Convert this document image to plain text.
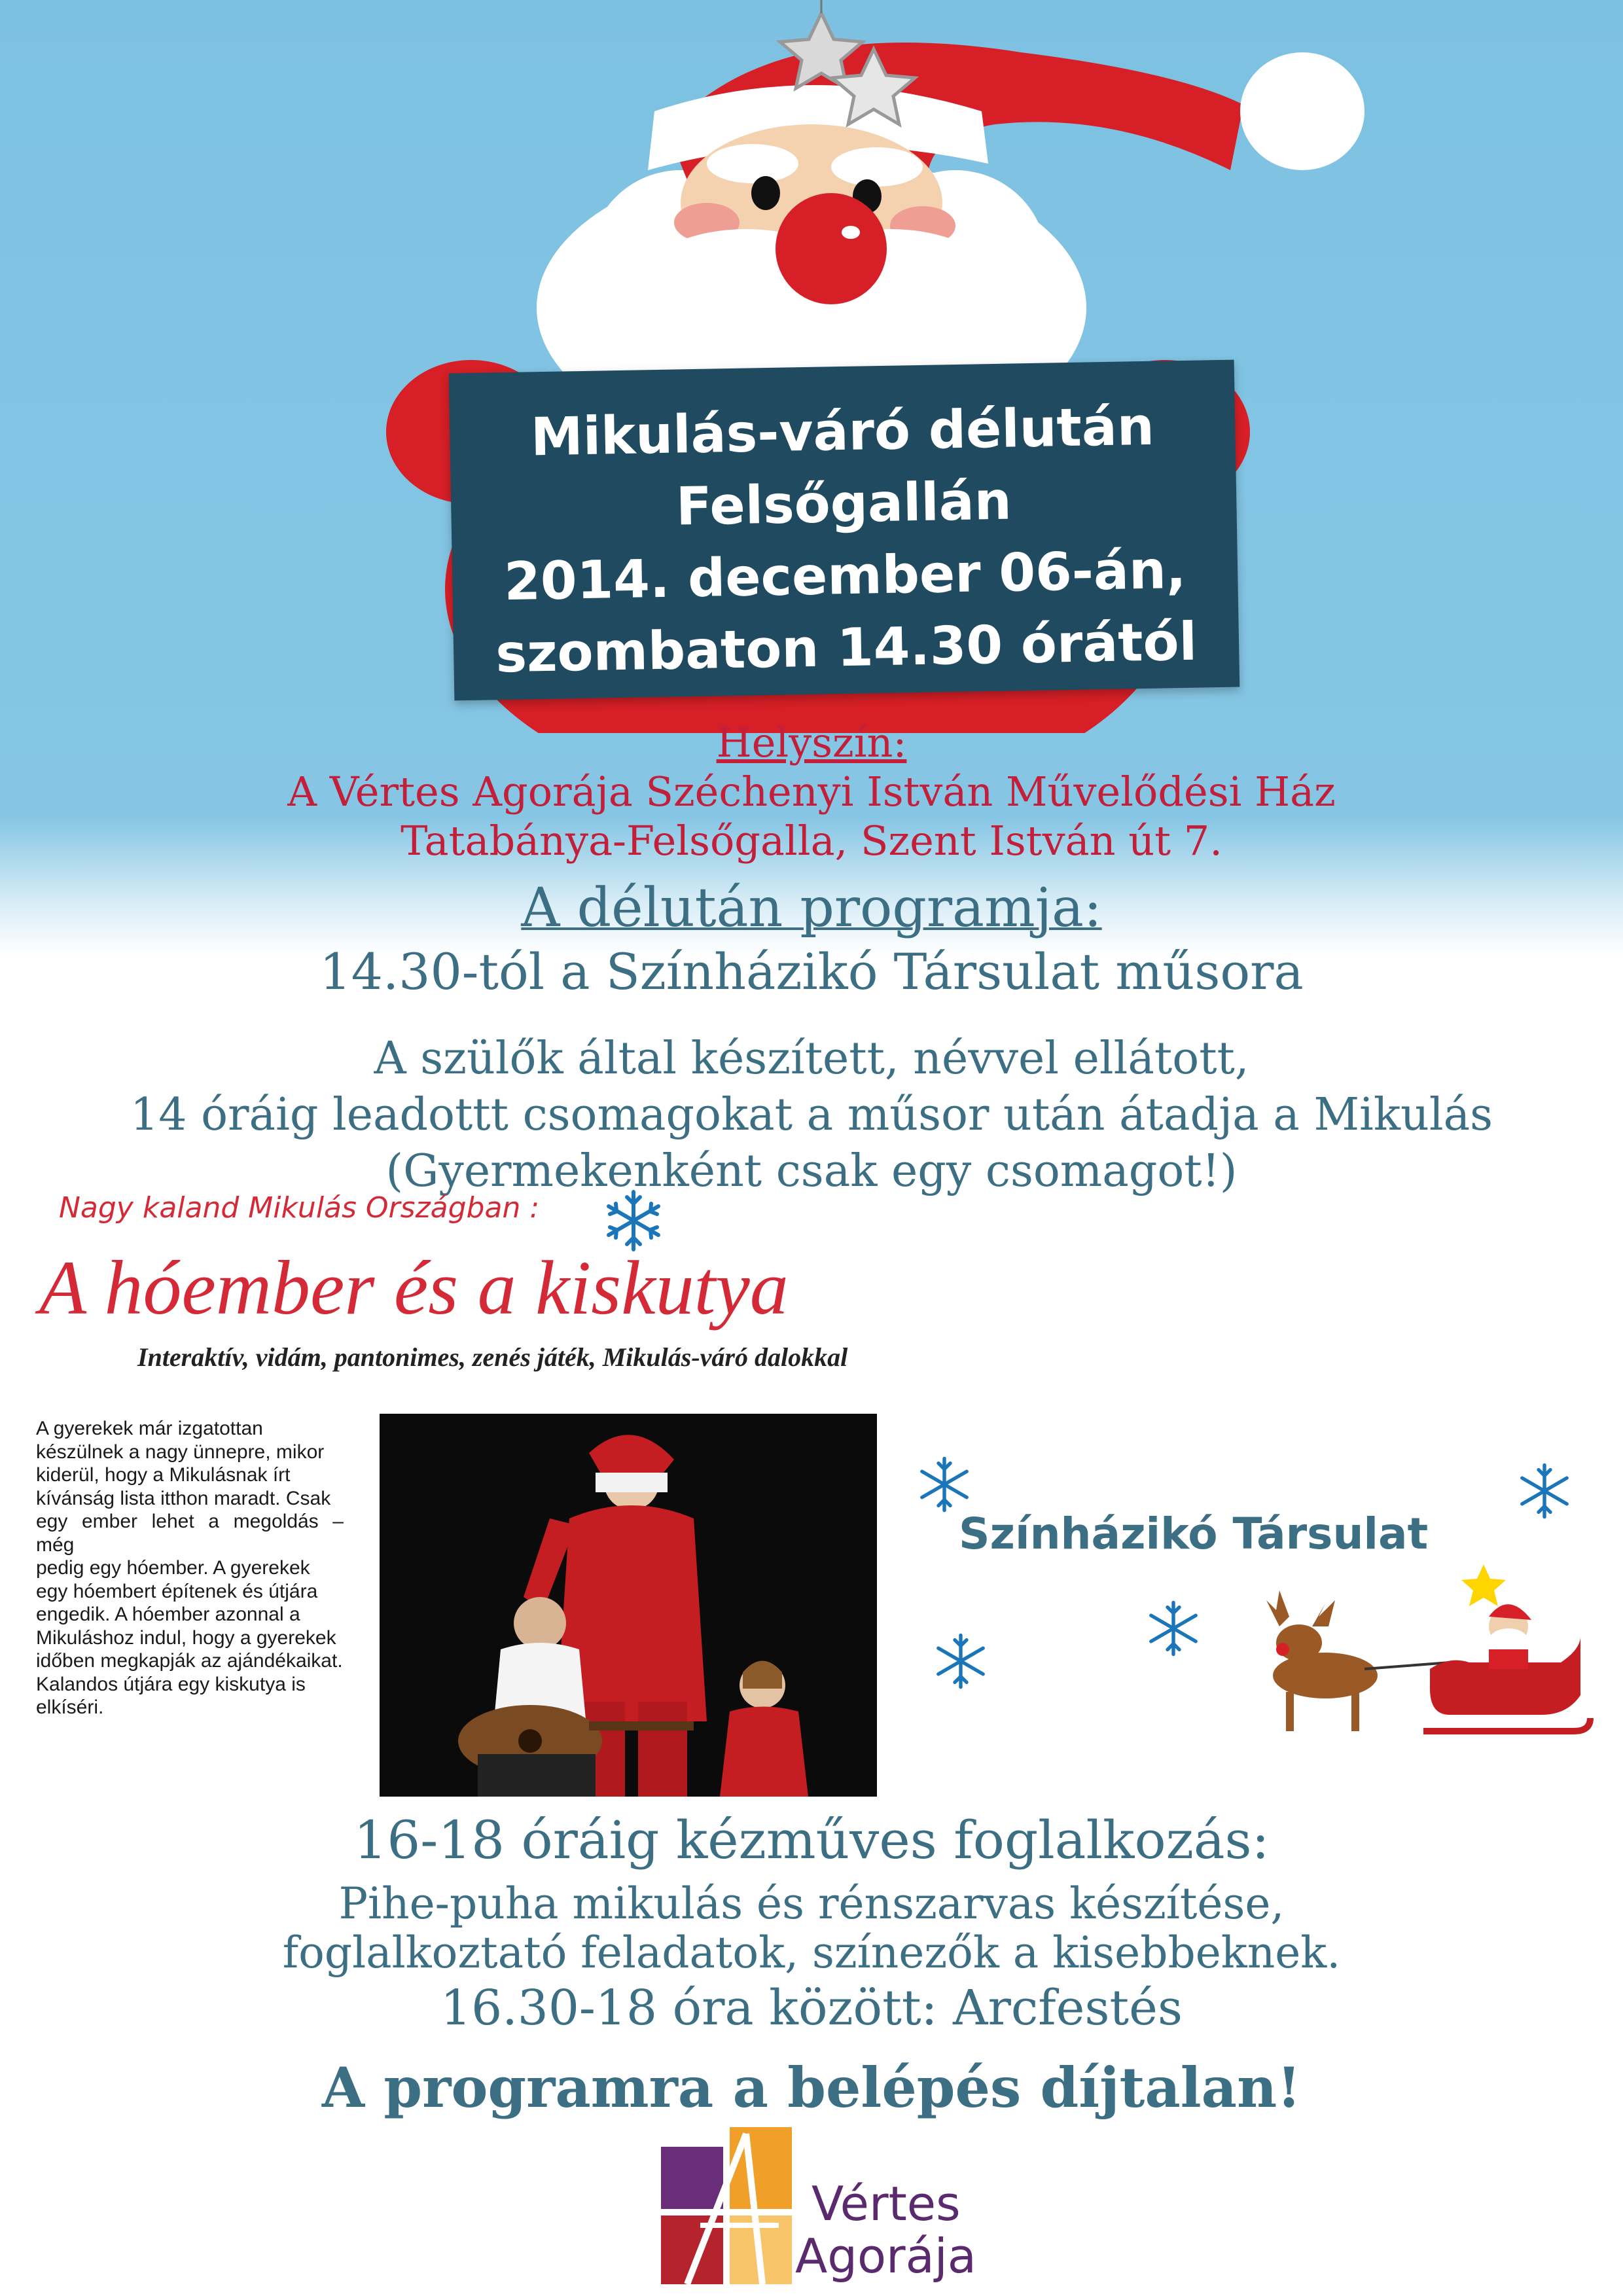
Mikulás-váró délután
Felsőgallán
2014. december 06-án,
szombaton 14.30 órától
Helyszín:
A Vértes Agorája Széchenyi István Művelődési Ház
Tatabánya-Felsőgalla, Szent István út 7.
A délután programja:
14.30-tól a Színházikó Társulat műsora
A szülők által készített, névvel ellátott,
14 óráig leadottt csomagokat a műsor után átadja a Mikulás
(Gyermekenként csak egy csomagot!)
Nagy kaland Mikulás Országban :
A hóember és a kiskutya
Interaktív, vidám, pantonimes, zenés játék, Mikulás-váró dalokkal
A gyerekek már izgatottan
készülnek a nagy ünnepre, mikor
kiderül, hogy a Mikulásnak írt
kívánság lista itthon maradt. Csak
egy ember lehet a megoldás – még
pedig egy hóember. A gyerekek
egy hóembert építenek és útjára
engedik. A hóember azonnal a
Mikuláshoz indul, hogy a gyerekek
időben megkapják az ajándékaikat.
Kalandos útjára egy kiskutya is
elkíséri.
Színházikó Társulat
16-18 óráig kézműves foglalkozás:
Pihe-puha mikulás és rénszarvas készítése,
foglalkoztató feladatok, színezők a kisebbeknek.
16.30-18 óra között: Arcfestés
A programra a belépés díjtalan!
Vértes
Agorája
